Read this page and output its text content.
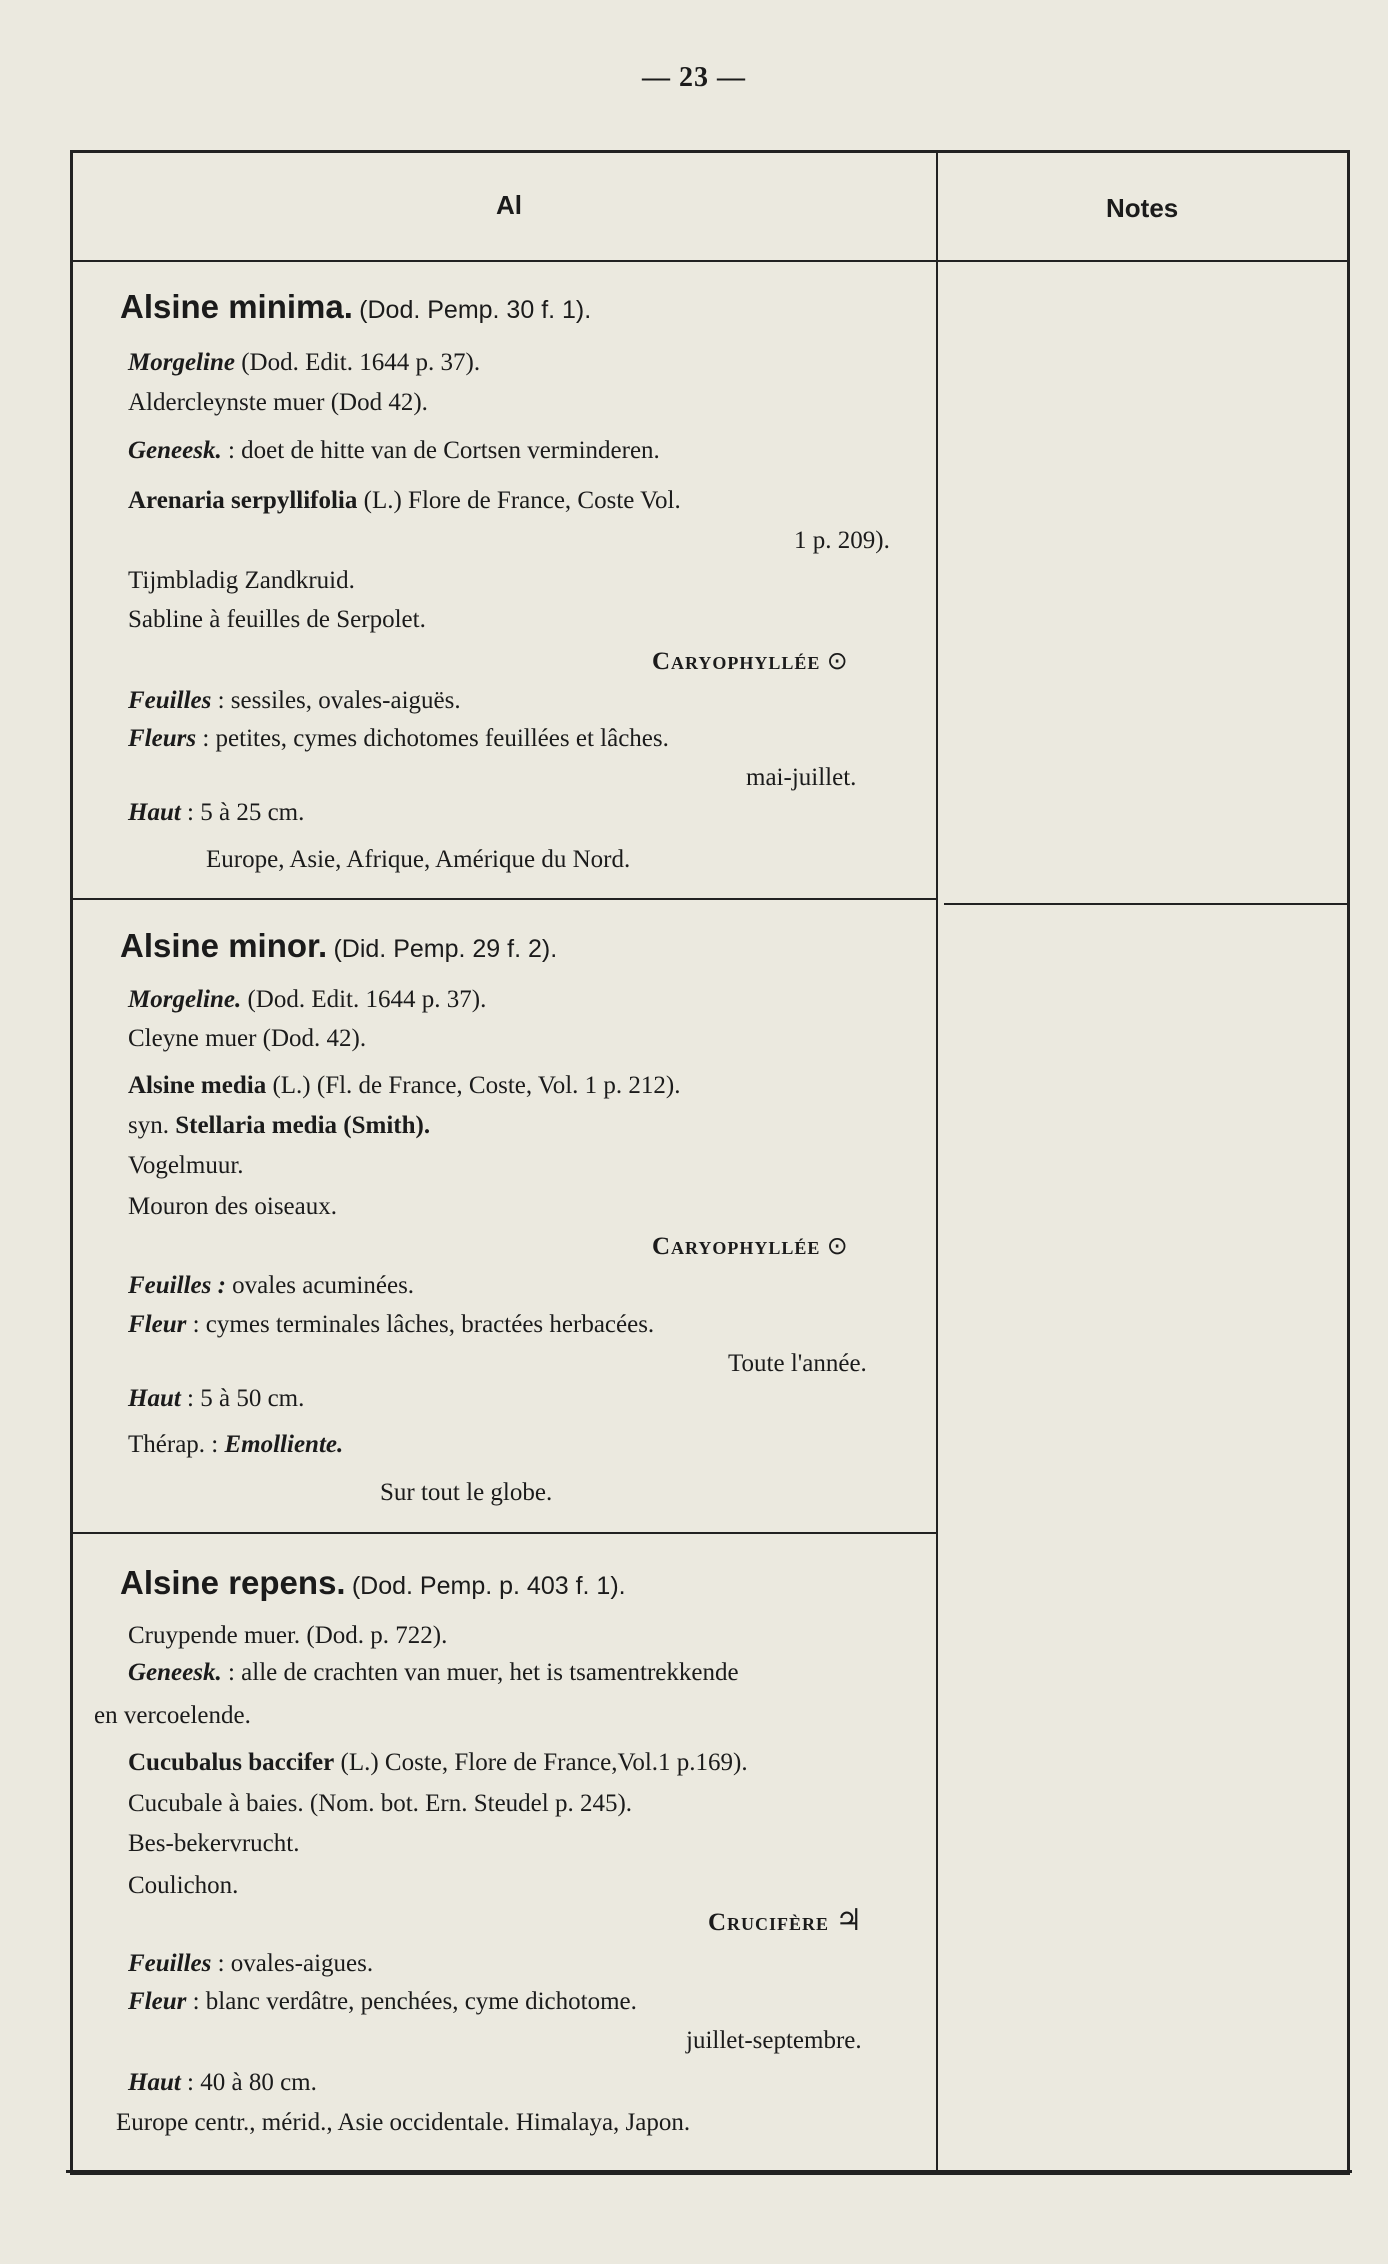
— 23 —
Al	Notes
Alsine minima. (Dod. Pemp. 30 f. 1).
Morgeline (Dod. Edit. 1644 p. 37).
Aldercleynste muer (Dod 42).
Geneesk. : doet de hitte van de Cortsen verminderen.
Arenaria serpyllifolia (L.) Flore de France, Coste Vol.
1 p. 209).
Tijmbladig Zandkruid.
Sabline à feuilles de Serpolet.
Caryophyllée ⊙
Feuilles : sessiles, ovales-aiguës.
Fleurs : petites, cymes dichotomes feuillées et lâches.
mai-juillet.
Haut : 5 à 25 cm.
Europe, Asie, Afrique, Amérique du Nord.
Alsine minor. (Did. Pemp. 29 f. 2).
Morgeline. (Dod. Edit. 1644 p. 37).
Cleyne muer (Dod. 42).
Alsine media (L.) (Fl. de France, Coste, Vol. 1 p. 212).
syn. Stellaria media (Smith).
Vogelmuur.
Mouron des oiseaux.
Caryophyllée ⊙
Feuilles : ovales acuminées.
Fleur : cymes terminales lâches, bractées herbacées.
Toute l'année.
Haut : 5 à 50 cm.
Thérap. : Emolliente.
Sur tout le globe.
Alsine repens. (Dod. Pemp. p. 403 f. 1).
Cruypende muer. (Dod. p. 722).
Geneesk. : alle de crachten van muer, het is tsamentrekkende
en vercoelende.
Cucubalus baccifer (L.) Coste, Flore de France,Vol.1 p.169).
Cucubale à baies. (Nom. bot. Ern. Steudel p. 245).
Bes-bekervrucht.
Coulichon.
Crucifère ♃
Feuilles : ovales-aigues.
Fleur : blanc verdâtre, penchées, cyme dichotome.
juillet-septembre.
Haut : 40 à 80 cm.
Europe centr., mérid., Asie occidentale. Himalaya, Japon.
